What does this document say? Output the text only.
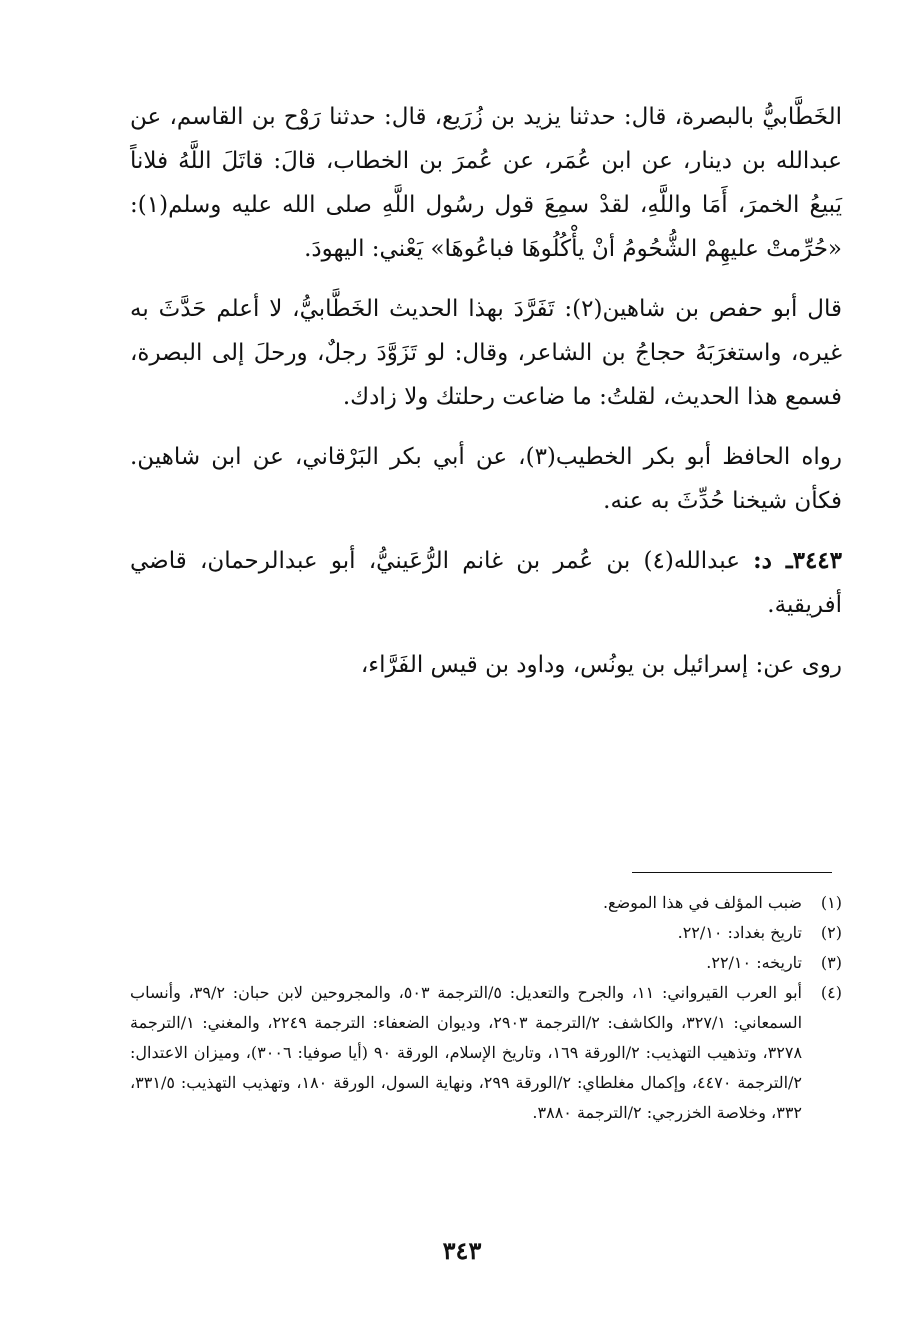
الخَطَّابيُّ بالبصرة، قال: حدثنا يزيد بن زُرَيع، قال: حدثنا رَوْح بن القاسم، عن عبدالله بن دينار، عن ابن عُمَر، عن عُمرَ بن الخطاب، قالَ: قاتَلَ اللَّهُ فلاناً يَبيعُ الخمرَ، أَمَا واللَّهِ، لقدْ سمِعَ قول رسُول اللَّهِ صلى الله عليه وسلم(١): «حُرِّمتْ عليهِمْ الشُّحُومُ أنْ يأْكُلُوهَا فباعُوهَا» يَعْني: اليهودَ.

قال أبو حفص بن شاهين(٢): تَفَرَّدَ بهذا الحديث الخَطَّابيُّ، لا أعلم حَدَّثَ به غيره، واستغرَبَهُ حجاجُ بن الشاعر، وقال: لو تَزَوَّدَ رجلٌ، ورحلَ إلى البصرة، فسمع هذا الحديث، لقلتُ: ما ضاعت رحلتك ولا زادك.

رواه الحافظ أبو بكر الخطيب(٣)، عن أبي بكر البَرْقاني، عن ابن شاهين. فكأن شيخنا حُدِّثَ به عنه.

٣٤٤٣ـ د: عبدالله(٤) بن عُمر بن غانم الرُّعَينيُّ، أبو عبدالرحمان، قاضي أفريقية.

روى عن: إسرائيل بن يونُس، وداود بن قيس الفَرَّاء،

(١)
ضبب المؤلف في هذا الموضع.

(٢)
تاريخ بغداد: ٢٢/١٠.

(٣)
تاريخه: ٢٢/١٠.

(٤)
أبو العرب القيرواني: ١١، والجرح والتعديل: ٥/الترجمة ٥٠٣، والمجروحين لابن حبان: ٣٩/٢، وأنساب السمعاني: ٣٢٧/١، والكاشف: ٢/الترجمة ٢٩٠٣، وديوان الضعفاء: الترجمة ٢٢٤٩، والمغني: ١/الترجمة ٣٢٧٨، وتذهيب التهذيب: ٢/الورقة ١٦٩، وتاريخ الإسلام، الورقة ٩٠ (أيا صوفيا: ٣٠٠٦)، وميزان الاعتدال: ٢/الترجمة ٤٤٧٠، وإكمال مغلطاي: ٢/الورقة ٢٩٩، ونهاية السول، الورقة ١٨٠، وتهذيب التهذيب: ٣٣١/٥، ٣٣٢، وخلاصة الخزرجي: ٢/الترجمة ٣٨٨٠.

٣٤٣
